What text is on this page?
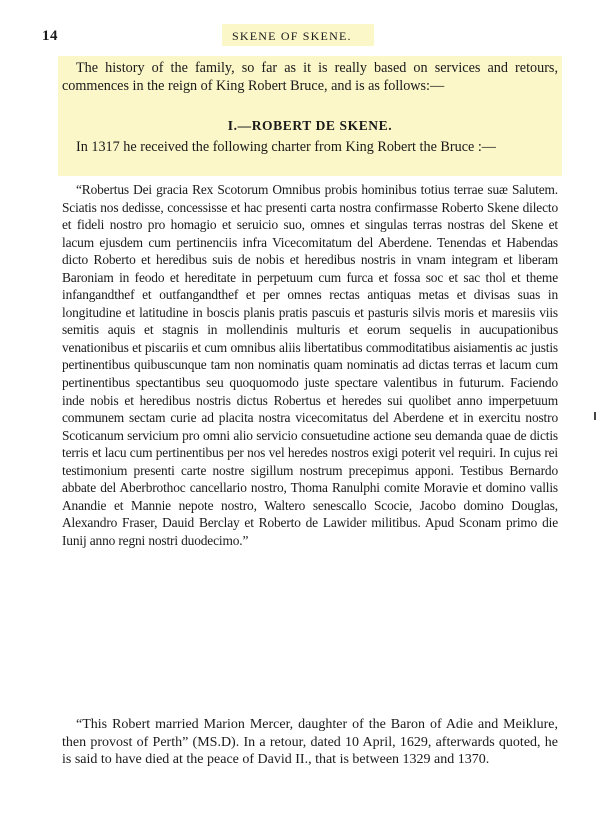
14	SKENE OF SKENE.

The history of the family, so far as it is really based on services and retours, commences in the reign of King Robert Bruce, and is as follows:—

I.—ROBERT DE SKENE.

In 1317 he received the following charter from King Robert the Bruce :—

“Robertus Dei gracia Rex Scotorum Omnibus probis hominibus totius terrae suæ Salutem. Sciatis nos dedisse, concessisse et hac presenti carta nostra confirmasse Roberto Skene dilecto et fideli nostro pro homagio et seruicio suo, omnes et singulas terras nostras del Skene et lacum ejusdem cum pertinenciis infra Vicecomitatum del Aberdene. Tenendas et Habendas dicto Roberto et heredibus suis de nobis et heredibus nostris in vnam integram et liberam Baroniam in feodo et hereditate in perpetuum cum furca et fossa soc et sac thol et theme infangandthef et outfangandthef et per omnes rectas antiquas metas et divisas suas in longitudine et latitudine in boscis planis pratis pascuis et pasturis silvis moris et maresiis viis semitis aquis et stagnis in mollendinis multuris et eorum sequelis in aucupationibus venationibus et piscariis et cum omnibus aliis libertatibus commoditatibus aisiamentis ac justis pertinentibus quibuscunque tam non nominatis quam nominatis ad dictas terras et lacum cum pertinentibus spectantibus seu quoquomodo juste spectare valentibus in futurum. Faciendo inde nobis et heredibus nostris dictus Robertus et heredes sui quolibet anno imperpetuum communem sectam curie ad placita nostra vicecomitatus del Aberdene et in exercitu nostro Scoticanum servicium pro omni alio servicio consuetudine actione seu demanda quae de dictis terris et lacu cum pertinentibus per nos vel heredes nostros exigi poterit vel requiri. In cujus rei testimonium presenti carte nostre sigillum nostrum precepimus apponi. Testibus Bernardo abbate del Aberbrothoc cancellario nostro, Thoma Ranulphi comite Moravie et domino vallis Anandie et Mannie nepote nostro, Waltero senescallo Scocie, Jacobo domino Douglas, Alexandro Fraser, Dauid Berclay et Roberto de Lawider militibus. Apud Sconam primo die Iunij anno regni nostri duodecimo.”

“This Robert married Marion Mercer, daughter of the Baron of Adie and Meiklure, then provost of Perth” (MS.D). In a retour, dated 10 April, 1629, afterwards quoted, he is said to have died at the peace of David II., that is between 1329 and 1370.
